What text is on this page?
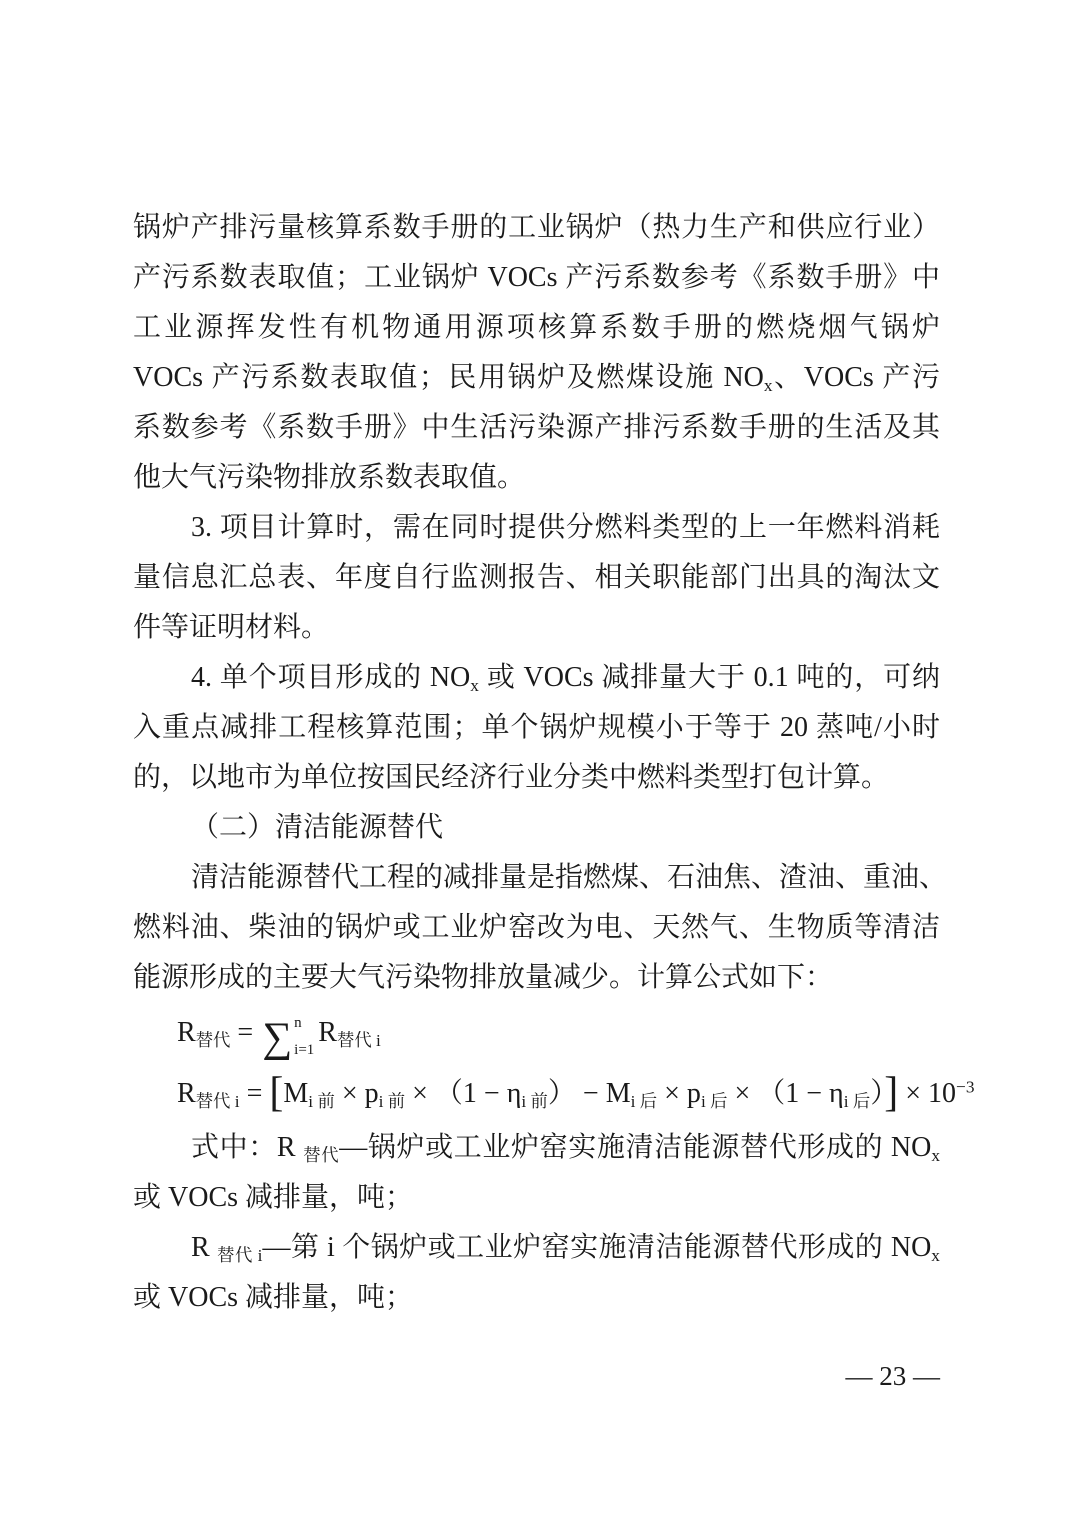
锅炉产排污量核算系数手册的工业锅炉（热力生产和供应行业）
产污系数表取值；工业锅炉 VOCs 产污系数参考《系数手册》中
工业源挥发性有机物通用源项核算系数手册的燃烧烟气锅炉
VOCs 产污系数表取值；民用锅炉及燃煤设施 $NO_x$、VOCs 产污
系数参考《系数手册》中生活污染源产排污系数手册的生活及其
他大气污染物排放系数表取值。
3. 项目计算时，需在同时提供分燃料类型的上一年燃料消耗
量信息汇总表、年度自行监测报告、相关职能部门出具的淘汰文
件等证明材料。
4. 单个项目形成的 $NO_x$ 或 VOCs 减排量大于 0.1 吨的，可纳
入重点减排工程核算范围；单个锅炉规模小于等于 20 蒸吨/小时
的，以地市为单位按国民经济行业分类中燃料类型打包计算。
（二）清洁能源替代
清洁能源替代工程的减排量是指燃煤、石油焦、渣油、重油、
燃料油、柴油的锅炉或工业炉窑改为电、天然气、生物质等清洁
能源形成的主要大气污染物排放量减少。计算公式如下：
$R_{替代}$ = ∑ n
i=1
$R_{替代 i}$
$R_{替代 i} = [M_{i 前} \times p_{i 前} \times (1 - \eta_{i 前}) - M_{i 后} \times p_{i 后} \times (1 - \eta_{i 后})] \times 10^{-3}$
式中：R $_{替代}$—锅炉或工业炉窑实施清洁能源替代形成的 $NO_x$
或 VOCs 减排量，吨；
R $_{替代 i}$—第 i 个锅炉或工业炉窑实施清洁能源替代形成的 $NO_x$
或 VOCs 减排量，吨；
— 23 —
